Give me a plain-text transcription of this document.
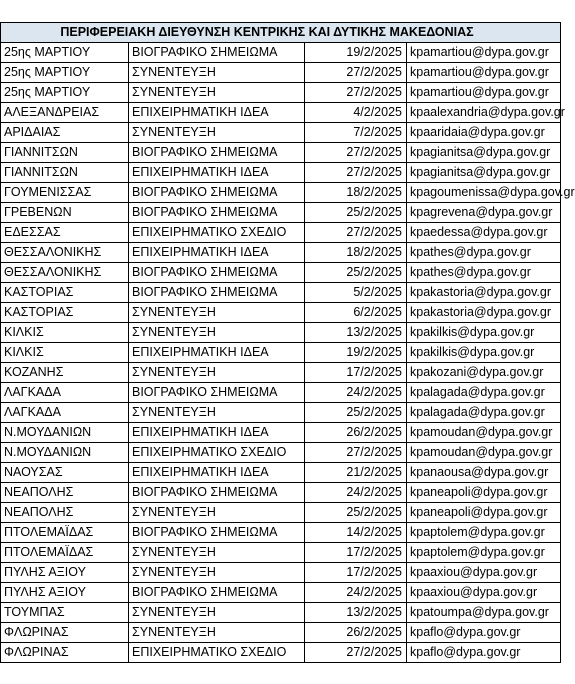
ΠΕΡΙΦΕΡΕΙΑΚΗ ΔΙΕΥΘΥΝΣΗ ΚΕΝΤΡΙΚΗΣ ΚΑΙ ΔΥΤΙΚΗΣ ΜΑΚΕΔΟΝΙΑΣ			
25ης ΜΑΡΤΙΟΥ	ΒΙΟΓΡΑΦΙΚΟ ΣΗΜΕΙΩΜΑ	19/2/2025	kpamartiou@dypa.gov.gr
25ης ΜΑΡΤΙΟΥ	ΣΥΝΕΝΤΕΥΞΗ	27/2/2025	kpamartiou@dypa.gov.gr
25ης ΜΑΡΤΙΟΥ	ΣΥΝΕΝΤΕΥΞΗ	27/2/2025	kpamartiou@dypa.gov.gr
ΑΛΕΞΑΝΔΡΕΙΑΣ	ΕΠΙΧΕΙΡΗΜΑΤΙΚΗ ΙΔΕΑ	4/2/2025	kpaalexandria@dypa.gov.gr
ΑΡΙΔΑΙΑΣ	ΣΥΝΕΝΤΕΥΞΗ	7/2/2025	kpaaridaia@dypa.gov.gr
ΓΙΑΝΝΙΤΣΩΝ	ΒΙΟΓΡΑΦΙΚΟ ΣΗΜΕΙΩΜΑ	27/2/2025	kpagianitsa@dypa.gov.gr
ΓΙΑΝΝΙΤΣΩΝ	ΕΠΙΧΕΙΡΗΜΑΤΙΚΗ ΙΔΕΑ	27/2/2025	kpagianitsa@dypa.gov.gr
ΓΟΥΜΕΝΙΣΣΑΣ	ΒΙΟΓΡΑΦΙΚΟ ΣΗΜΕΙΩΜΑ	18/2/2025	kpagoumenissa@dypa.gov.gr
ΓΡΕΒΕΝΩΝ	ΒΙΟΓΡΑΦΙΚΟ ΣΗΜΕΙΩΜΑ	25/2/2025	kpagrevena@dypa.gov.gr
ΕΔΕΣΣΑΣ	ΕΠΙΧΕΙΡΗΜΑΤΙΚΟ ΣΧΕΔΙΟ	27/2/2025	kpaedessa@dypa.gov.gr
ΘΕΣΣΑΛΟΝΙΚΗΣ	ΕΠΙΧΕΙΡΗΜΑΤΙΚΗ ΙΔΕΑ	18/2/2025	kpathes@dypa.gov.gr
ΘΕΣΣΑΛΟΝΙΚΗΣ	ΒΙΟΓΡΑΦΙΚΟ ΣΗΜΕΙΩΜΑ	25/2/2025	kpathes@dypa.gov.gr
ΚΑΣΤΟΡΙΑΣ	ΒΙΟΓΡΑΦΙΚΟ ΣΗΜΕΙΩΜΑ	5/2/2025	kpakastoria@dypa.gov.gr
ΚΑΣΤΟΡΙΑΣ	ΣΥΝΕΝΤΕΥΞΗ	6/2/2025	kpakastoria@dypa.gov.gr
ΚΙΛΚΙΣ	ΣΥΝΕΝΤΕΥΞΗ	13/2/2025	kpakilkis@dypa.gov.gr
ΚΙΛΚΙΣ	ΕΠΙΧΕΙΡΗΜΑΤΙΚΗ ΙΔΕΑ	19/2/2025	kpakilkis@dypa.gov.gr
ΚΟΖΑΝΗΣ	ΣΥΝΕΝΤΕΥΞΗ	17/2/2025	kpakozani@dypa.gov.gr
ΛΑΓΚΑΔΑ	ΒΙΟΓΡΑΦΙΚΟ ΣΗΜΕΙΩΜΑ	24/2/2025	kpalagada@dypa.gov.gr
ΛΑΓΚΑΔΑ	ΣΥΝΕΝΤΕΥΞΗ	25/2/2025	kpalagada@dypa.gov.gr
Ν.ΜΟΥΔΑΝΙΩΝ	ΕΠΙΧΕΙΡΗΜΑΤΙΚΗ ΙΔΕΑ	26/2/2025	kpamoudan@dypa.gov.gr
Ν.ΜΟΥΔΑΝΙΩΝ	ΕΠΙΧΕΙΡΗΜΑΤΙΚΟ ΣΧΕΔΙΟ	27/2/2025	kpamoudan@dypa.gov.gr
ΝΑΟΥΣΑΣ	ΕΠΙΧΕΙΡΗΜΑΤΙΚΗ ΙΔΕΑ	21/2/2025	kpanaousa@dypa.gov.gr
ΝΕΑΠΟΛΗΣ	ΒΙΟΓΡΑΦΙΚΟ ΣΗΜΕΙΩΜΑ	24/2/2025	kpaneapoli@dypa.gov.gr
ΝΕΑΠΟΛΗΣ	ΣΥΝΕΝΤΕΥΞΗ	25/2/2025	kpaneapoli@dypa.gov.gr
ΠΤΟΛΕΜΑΪΔΑΣ	ΒΙΟΓΡΑΦΙΚΟ ΣΗΜΕΙΩΜΑ	14/2/2025	kpaptolem@dypa.gov.gr
ΠΤΟΛΕΜΑΪΔΑΣ	ΣΥΝΕΝΤΕΥΞΗ	17/2/2025	kpaptolem@dypa.gov.gr
ΠΥΛΗΣ ΑΞΙΟΥ	ΣΥΝΕΝΤΕΥΞΗ	17/2/2025	kpaaxiou@dypa.gov.gr
ΠΥΛΗΣ ΑΞΙΟΥ	ΒΙΟΓΡΑΦΙΚΟ ΣΗΜΕΙΩΜΑ	24/2/2025	kpaaxiou@dypa.gov.gr
ΤΟΥΜΠΑΣ	ΣΥΝΕΝΤΕΥΞΗ	13/2/2025	kpatoumpa@dypa.gov.gr
ΦΛΩΡΙΝΑΣ	ΣΥΝΕΝΤΕΥΞΗ	26/2/2025	kpaflo@dypa.gov.gr
ΦΛΩΡΙΝΑΣ	ΕΠΙΧΕΙΡΗΜΑΤΙΚΟ ΣΧΕΔΙΟ	27/2/2025	kpaflo@dypa.gov.gr
